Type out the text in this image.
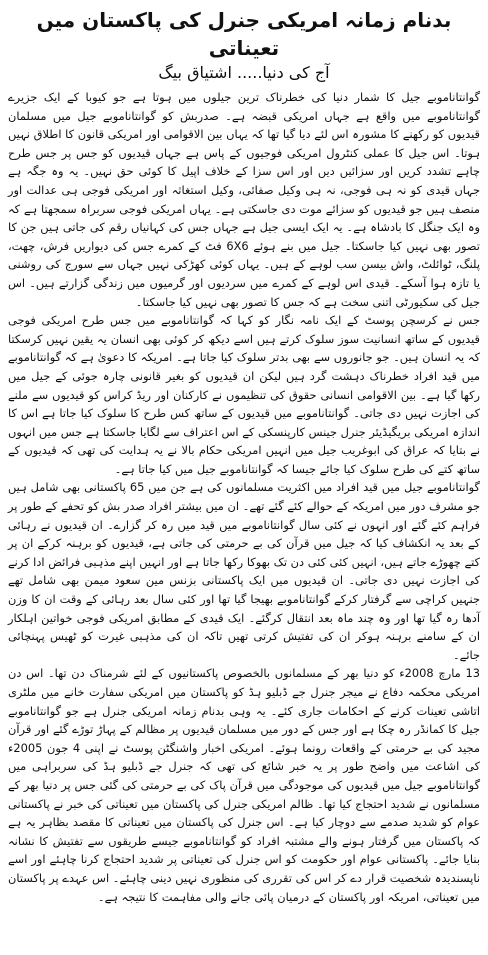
بدنام زمانہ امریکی جنرل کی پاکستان میں تعیناتی
آج کی دنیا..... اشتیاق بیگ

گوانتاناموبے جیل کا شمار دنیا کی خطرناک ترین جیلوں میں ہوتا ہے جو کیوبا کے ایک جزیرے گوانتاناموبے میں واقع ہے جہاں امریکی قبضہ ہے۔ صدربش کو گوانتاناموبے جیل میں مسلمان قیدیوں کو رکھنے کا مشورہ اس لئے دیا گیا تھا کہ یہاں بین الاقوامی اور امریکی قانون کا اطلاق نہیں ہوتا۔ اس جیل کا عملی کنٹرول امریکی فوجیوں کے پاس ہے جہاں قیدیوں کو جس پر جس طرح چاہے تشدد کریں اور سزائیں دیں اور اس سزا کے خلاف اپیل کا کوئی حق نہیں۔ یہ وہ جگہ ہے جہاں قیدی کو نہ ہی فوجی، نہ ہی وکیل صفائی، وکیل استغاثہ اور امریکی فوجی ہی عدالت اور منصف ہیں جو قیدیوں کو سزائے موت دی جاسکتی ہے۔ یہاں امریکی فوجی سربراہ سمجھتا ہے کہ وہ ایک جنگل کا بادشاہ ہے۔ یہ ایک ایسی جیل ہے جہاں جس کی کہانیاں رقم کی جاتی ہیں جن کا تصور بھی نہیں کیا جاسکتا۔ جیل میں بنے ہوئے 6X6 فٹ کے کمرے جس کی دیواریں فرش، چھت، پلنگ، ٹوائلٹ، واش بیسن سب لوہے کے ہیں۔ یہاں کوئی کھڑکی نہیں جہاں سے سورج کی روشنی یا تازہ ہوا آسکے۔ قیدی اس لوہے کے کمرے میں سردیوں اور گرمیوں میں زندگی گزارتے ہیں۔ اس جیل کی سکیورٹی اتنی سخت ہے کہ جس کا تصور بھی نہیں کیا جاسکتا۔

جس نے کرسچن پوسٹ کے ایک نامہ نگار کو کہا کہ گوانتاناموبے میں جس طرح امریکی فوجی قیدیوں کے ساتھ انسانیت سوز سلوک کرتے ہیں اسے دیکھ کر کوئی بھی انسان یہ یقین نہیں کرسکتا کہ یہ انسان ہیں۔ جو جانوروں سے بھی بدتر سلوک کیا جاتا ہے۔ امریکہ کا دعویٰ ہے کہ گوانتاناموبے میں قید افراد خطرناک دہشت گرد ہیں لیکن ان قیدیوں کو بغیر قانونی چارہ جوئی کے جیل میں رکھا گیا ہے۔ بین الاقوامی انسانی حقوق کی تنظیموں نے کارکنان اور ریڈ کراس کو قیدیوں سے ملنے کی اجازت نہیں دی جاتی۔ گوانتاناموبے میں قیدیوں کے ساتھ کس طرح کا سلوک کیا جاتا ہے اس کا اندازہ امریکی بریگیڈیئر جنرل جینس کارپنسکی کے اس اعتراف سے لگایا جاسکتا ہے جس میں انہوں نے بتایا کہ عراق کی ابوغریب جیل میں انہیں امریکی حکام بالا نے یہ ہدایت کی تھی کہ قیدیوں کے ساتھ کتے کی طرح سلوک کیا جائے جیسا کہ گوانتاناموبے جیل میں کیا جاتا ہے۔

گوانتاناموبے جیل میں قید افراد میں اکثریت مسلمانوں کی ہے جن میں 65 پاکستانی بھی شامل ہیں جو مشرف دور میں امریکہ کے حوالے کئے گئے تھے۔ ان میں بیشتر افراد صدر بش کو تحفے کے طور پر فراہم کئے گئے اور انہوں نے کئی سال گوانتاناموبے میں قید میں رہ کر گزارے۔ ان قیدیوں نے رہائی کے بعد یہ انکشاف کیا کہ جیل میں قرآن کی بے حرمتی کی جاتی ہے، قیدیوں کو برہنہ کرکے ان پر کتے چھوڑے جاتے ہیں، انہیں کئی کئی دن تک بھوکا رکھا جاتا ہے اور انہیں اپنے مذہبی فرائض ادا کرنے کی اجازت نہیں دی جاتی۔ ان قیدیوں میں ایک پاکستانی بزنس مین سعود میمن بھی شامل تھے جنہیں کراچی سے گرفتار کرکے گوانتاناموبے بھیجا گیا تھا اور کئی سال بعد رہائی کے وقت ان کا وزن آدھا رہ گیا تھا اور وہ چند ماہ بعد انتقال کرگئے۔ ایک قیدی کے مطابق امریکی فوجی خواتین اہلکار ان کے سامنے برہنہ ہوکر ان کی تفتیش کرتی تھیں تاکہ ان کی مذہبی غیرت کو ٹھیس پہنچائی جائے۔

13 مارچ 2008ء کو دنیا بھر کے مسلمانوں بالخصوص پاکستانیوں کے لئے شرمناک دن تھا۔ اس دن امریکی محکمہ دفاع نے میجر جنرل جے ڈبلیو ہڈ کو پاکستان میں امریکی سفارت خانے میں ملٹری اتاشی تعینات کرنے کے احکامات جاری کئے۔ یہ وہی بدنام زمانہ امریکی جنرل ہے جو گوانتاناموبے جیل کا کمانڈر رہ چکا ہے اور جس کے دور میں مسلمان قیدیوں پر مظالم کے پہاڑ توڑے گئے اور قرآن مجید کی بے حرمتی کے واقعات رونما ہوئے۔ امریکی اخبار واشنگٹن پوسٹ نے اپنی 4 جون 2005ء کی اشاعت میں واضح طور پر یہ خبر شائع کی تھی کہ جنرل جے ڈبلیو ہڈ کی سربراہی میں گوانتاناموبے جیل میں قیدیوں کی موجودگی میں قرآن پاک کی بے حرمتی کی گئی جس پر دنیا بھر کے مسلمانوں نے شدید احتجاج کیا تھا۔ ظالم امریکی جنرل کی پاکستان میں تعیناتی کی خبر نے پاکستانی عوام کو شدید صدمے سے دوچار کیا ہے۔ اس جنرل کی پاکستان میں تعیناتی کا مقصد بظاہر یہ ہے کہ پاکستان میں گرفتار ہونے والے مشتبہ افراد کو گوانتاناموبے جیسے طریقوں سے تفتیش کا نشانہ بنایا جائے۔ پاکستانی عوام اور حکومت کو اس جنرل کی تعیناتی پر شدید احتجاج کرنا چاہئے اور اسے ناپسندیدہ شخصیت قرار دے کر اس کی تقرری کی منظوری نہیں دینی چاہئے۔ اس عہدے پر پاکستان میں تعیناتی، امریکہ اور پاکستان کے درمیان پائی جانے والی مفاہمت کا نتیجہ ہے۔
